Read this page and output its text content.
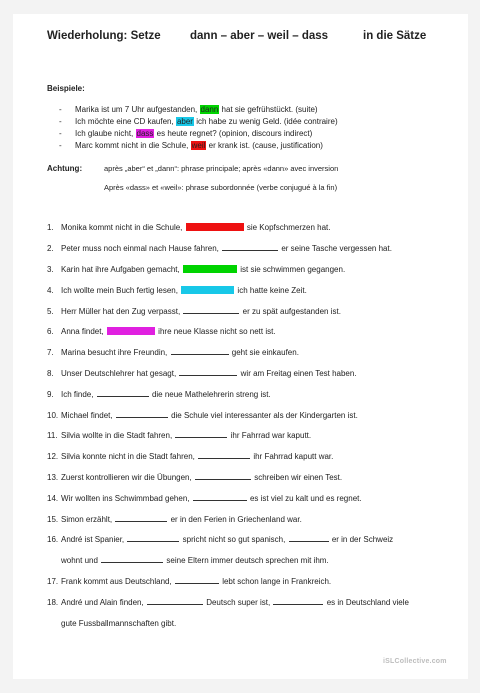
Wiederholung: Setze	dann – aber – weil – dass	in die Sätze
Beispiele:
- Marika ist um 7 Uhr aufgestanden, dann hat sie gefrühstückt. (suite)
- Ich möchte eine CD kaufen, aber ich habe zu wenig Geld. (idée contraire)
- Ich glaube nicht, dass es heute regnet? (opinion, discours indirect)
- Marc kommt nicht in die Schule, weil er krank ist. (cause, justification)
Achtung:	après „aber“ et „dann“: phrase principale; après «dann» avec inversion
Après «dass» et «weil»: phrase subordonnée (verbe conjugué à la fin)
1. Monika kommt nicht in die Schule,	sie Kopfschmerzen hat.
2. Peter muss noch einmal nach Hause fahren,	er seine Tasche vergessen hat.
3. Karin hat ihre Aufgaben gemacht,	ist sie schwimmen gegangen.
4. Ich wollte mein Buch fertig lesen,	ich hatte keine Zeit.
5. Herr Müller hat den Zug verpasst,	er zu spät aufgestanden ist.
6. Anna findet,	ihre neue Klasse nicht so nett ist.
7. Marina besucht ihre Freundin,	geht sie einkaufen.
8. Unser Deutschlehrer hat gesagt,	wir am Freitag einen Test haben.
9. Ich finde,	die neue Mathelehrerin streng ist.
10. Michael findet,	die Schule viel interessanter als der Kindergarten ist.
11. Silvia wollte in die Stadt fahren,	ihr Fahrrad war kaputt.
12. Silvia konnte nicht in die Stadt fahren,	ihr Fahrrad kaputt war.
13. Zuerst kontrollieren wir die Übungen,	schreiben wir einen Test.
14. Wir wollten ins Schwimmbad gehen,	es ist viel zu kalt und es regnet.
15. Simon erzählt,	er in den Ferien in Griechenland war.
16. André ist Spanier,	spricht nicht so gut spanisch,	er in der Schweiz
wohnt und	seine Eltern immer deutsch sprechen mit ihm.
17. Frank kommt aus Deutschland,	lebt schon lange in Frankreich.
18. André und Alain finden,	Deutsch super ist,	es in Deutschland viele
gute Fussballmannschaften gibt.
iSLCollective.com
